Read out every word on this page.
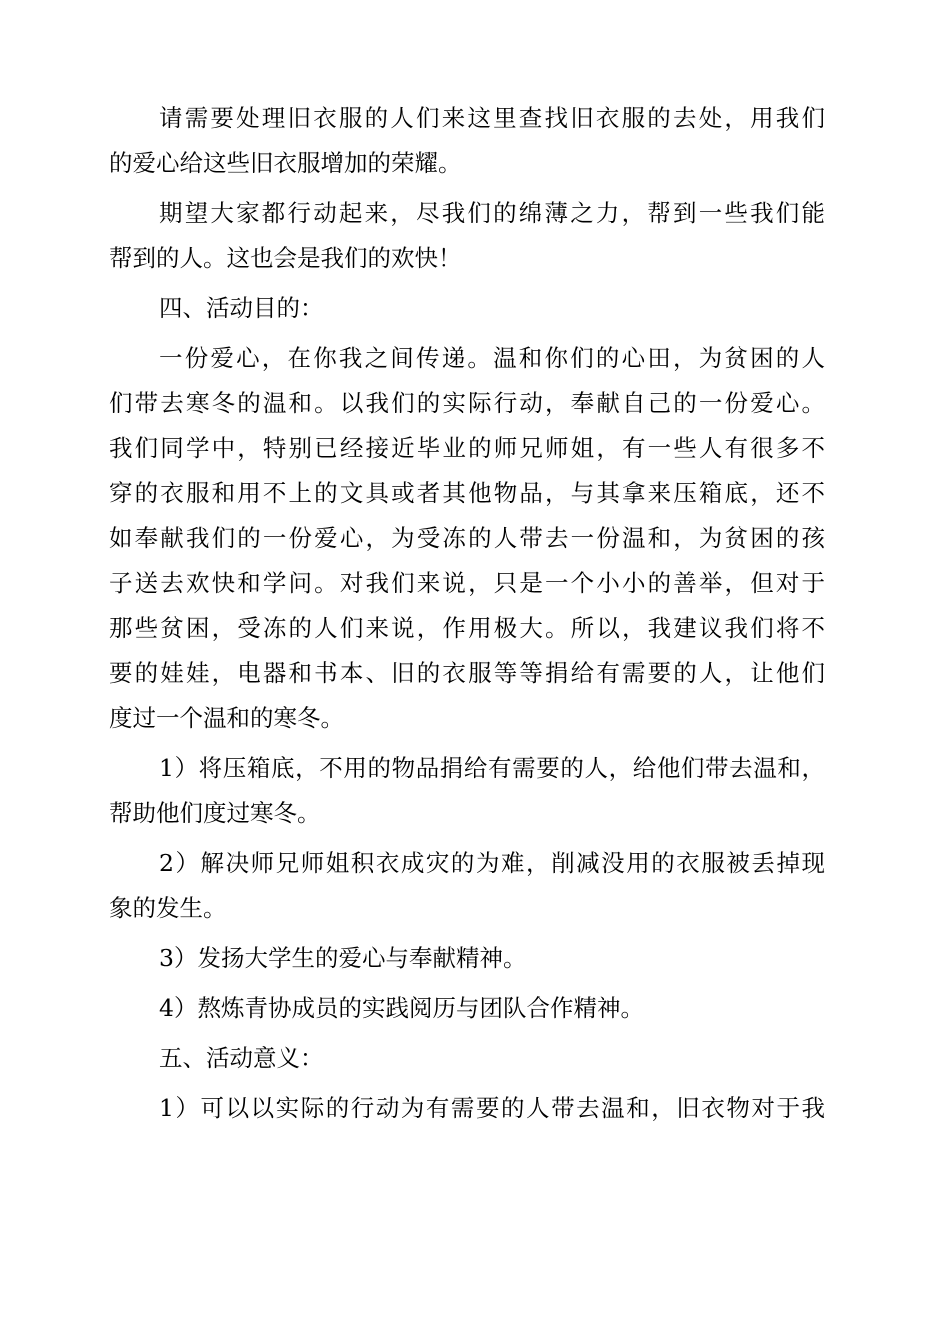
请需要处理旧衣服的人们来这里查找旧衣服的去处，用我们
的爱心给这些旧衣服增加的荣耀。
期望大家都行动起来，尽我们的绵薄之力，帮到一些我们能
帮到的人。这也会是我们的欢快！
四、活动目的：
一份爱心，在你我之间传递。温和你们的心田，为贫困的人
们带去寒冬的温和。以我们的实际行动，奉献自己的一份爱心。
我们同学中，特别已经接近毕业的师兄师姐，有一些人有很多不
穿的衣服和用不上的文具或者其他物品，与其拿来压箱底，还不
如奉献我们的一份爱心，为受冻的人带去一份温和，为贫困的孩
子送去欢快和学问。对我们来说，只是一个小小的善举，但对于
那些贫困，受冻的人们来说，作用极大。所以，我建议我们将不
要的娃娃，电器和书本、旧的衣服等等捐给有需要的人，让他们
度过一个温和的寒冬。
1）将压箱底，不用的物品捐给有需要的人，给他们带去温和，
帮助他们度过寒冬。
2）解决师兄师姐积衣成灾的为难，削减没用的衣服被丢掉现
象的发生。
3）发扬大学生的爱心与奉献精神。
4）熬炼青协成员的实践阅历与团队合作精神。
五、活动意义：
1）可以以实际的行动为有需要的人带去温和，旧衣物对于我
